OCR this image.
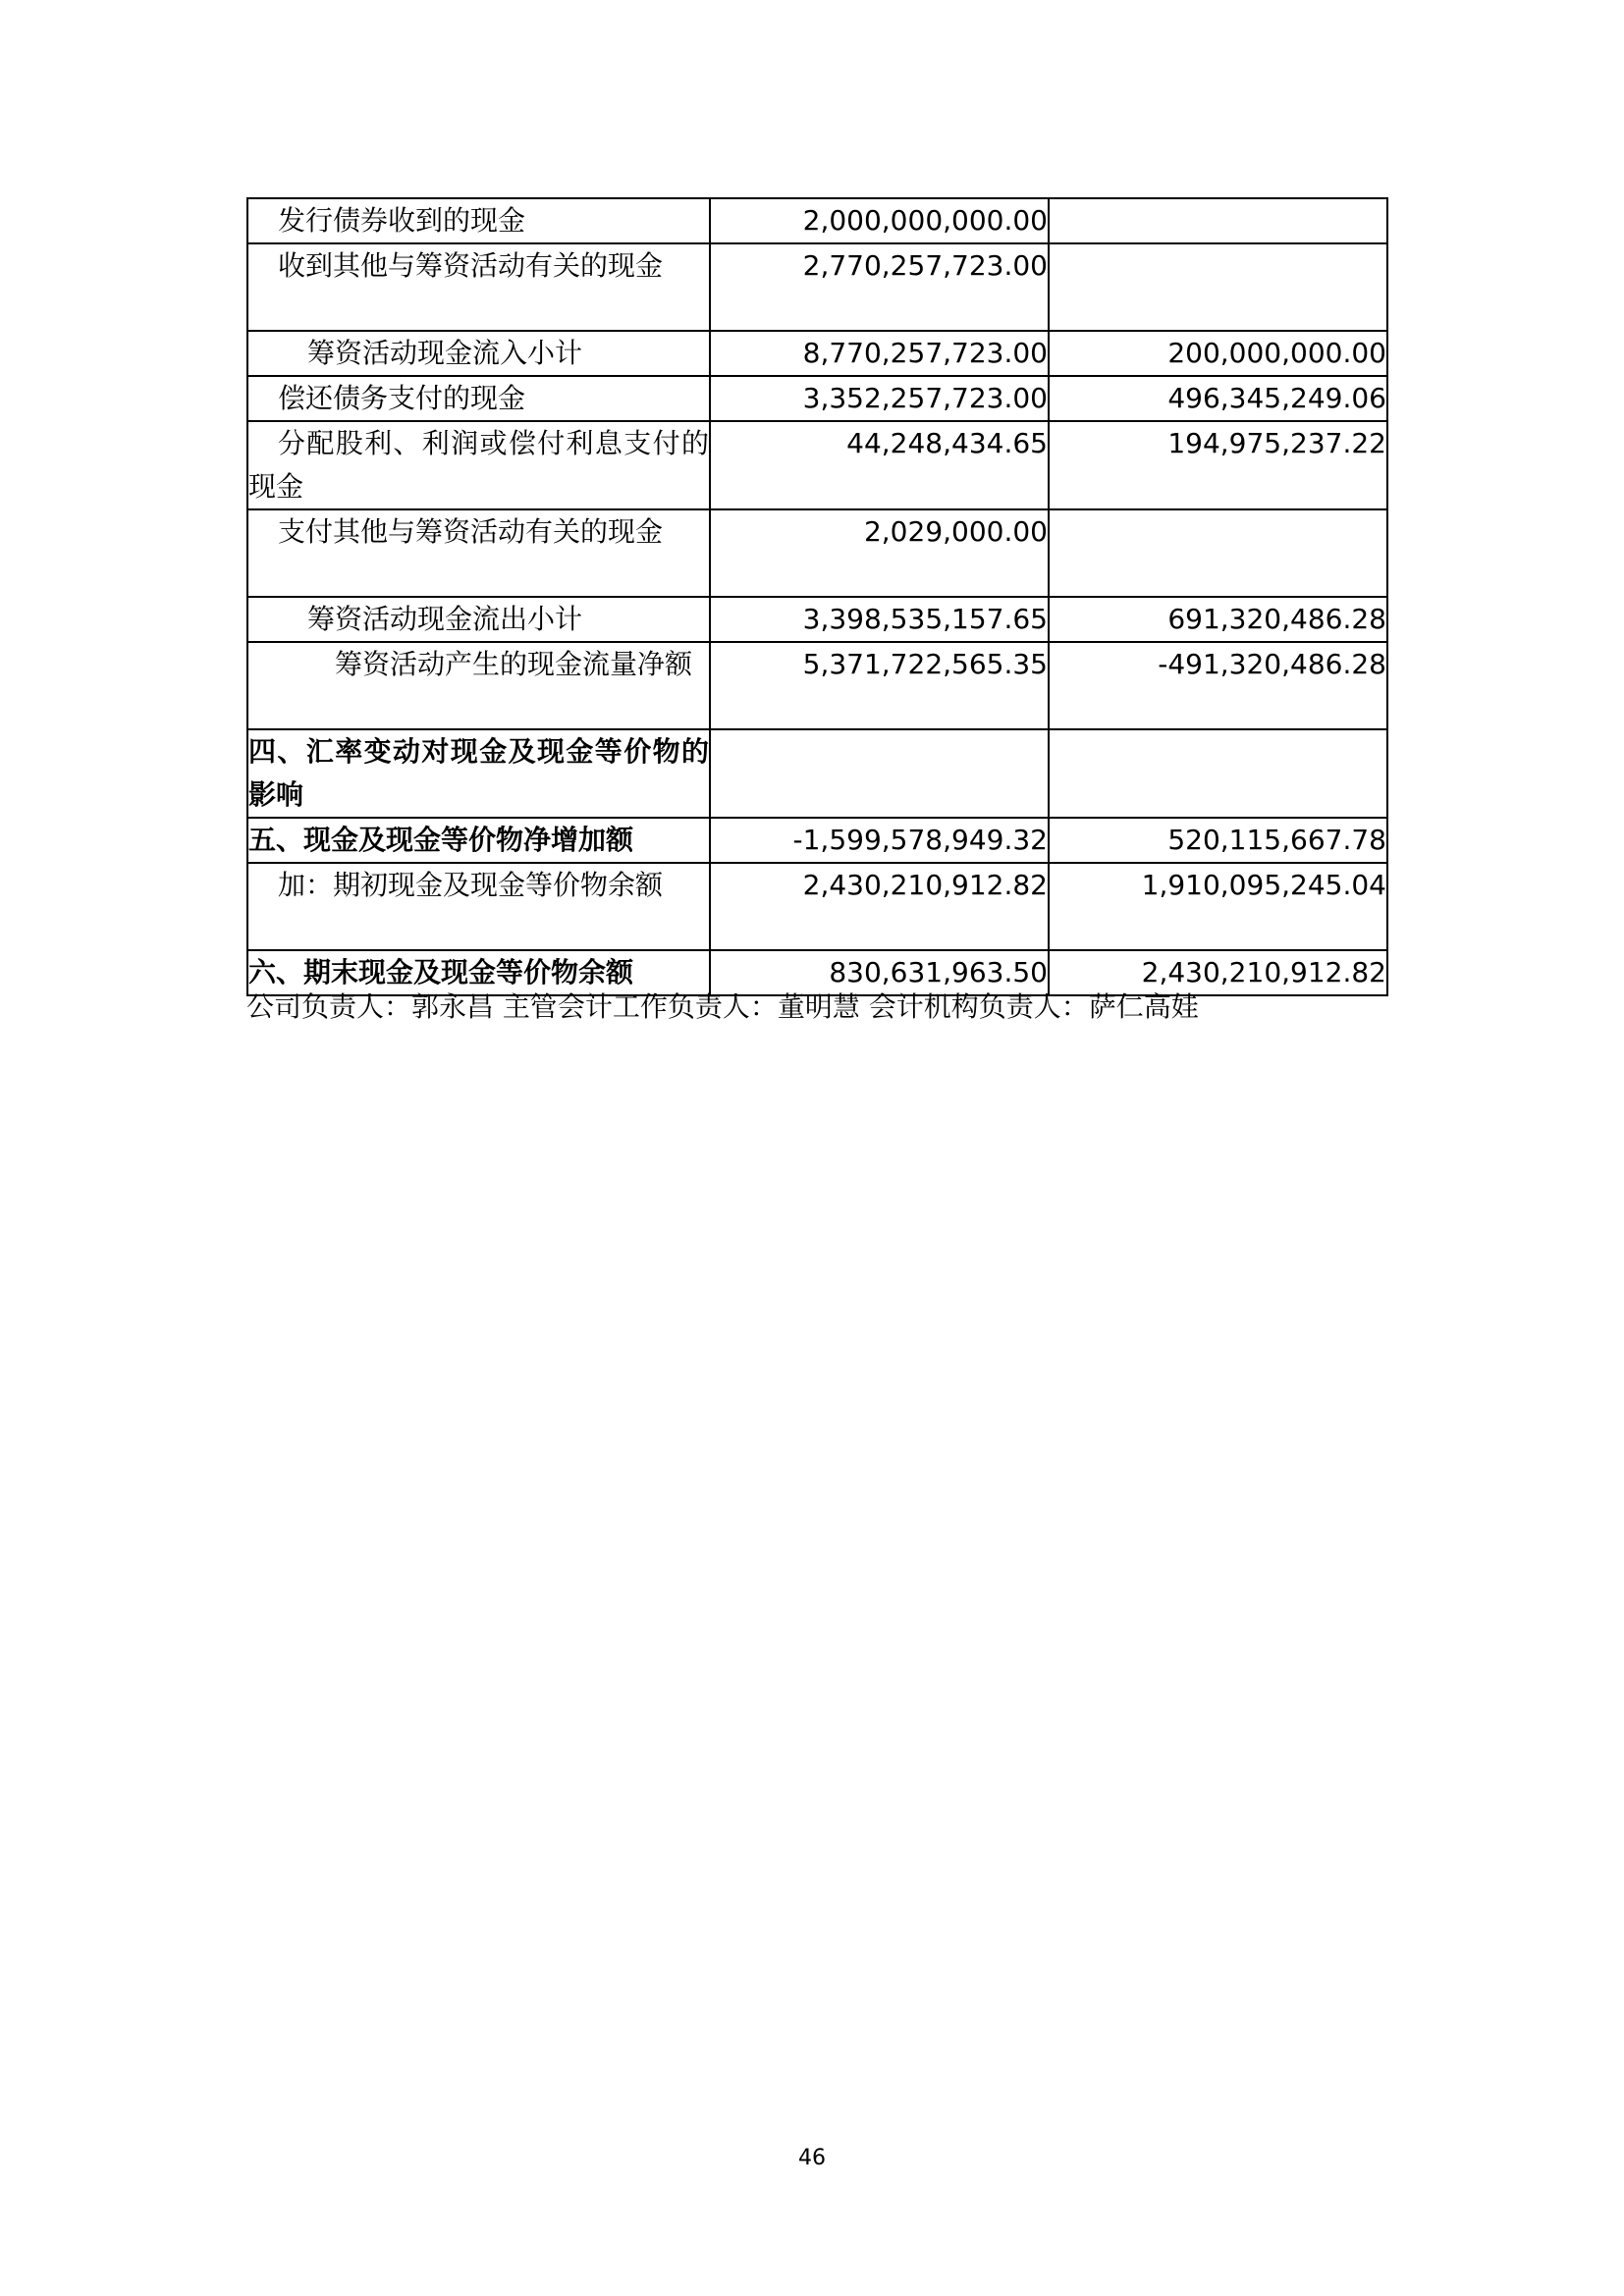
发行债券收到的现金	2,000,000,000.00	
收到其他与筹资活动有关的现金	2,770,257,723.00	
筹资活动现金流入小计	8,770,257,723.00	200,000,000.00
偿还债务支付的现金	3,352,257,723.00	496,345,249.06
分配股利、利润或偿付利息支付的现金	44,248,434.65	194,975,237.22
支付其他与筹资活动有关的现金	2,029,000.00	
筹资活动现金流出小计	3,398,535,157.65	691,320,486.28
筹资活动产生的现金流量净额	5,371,722,565.35	-491,320,486.28
四、汇率变动对现金及现金等价物的影响		
五、现金及现金等价物净增加额	-1,599,578,949.32	520,115,667.78
加：期初现金及现金等价物余额	2,430,210,912.82	1,910,095,245.04
六、期末现金及现金等价物余额	830,631,963.50	2,430,210,912.82
公司负责人：郭永昌 主管会计工作负责人：董明慧 会计机构负责人：萨仁高娃
46
